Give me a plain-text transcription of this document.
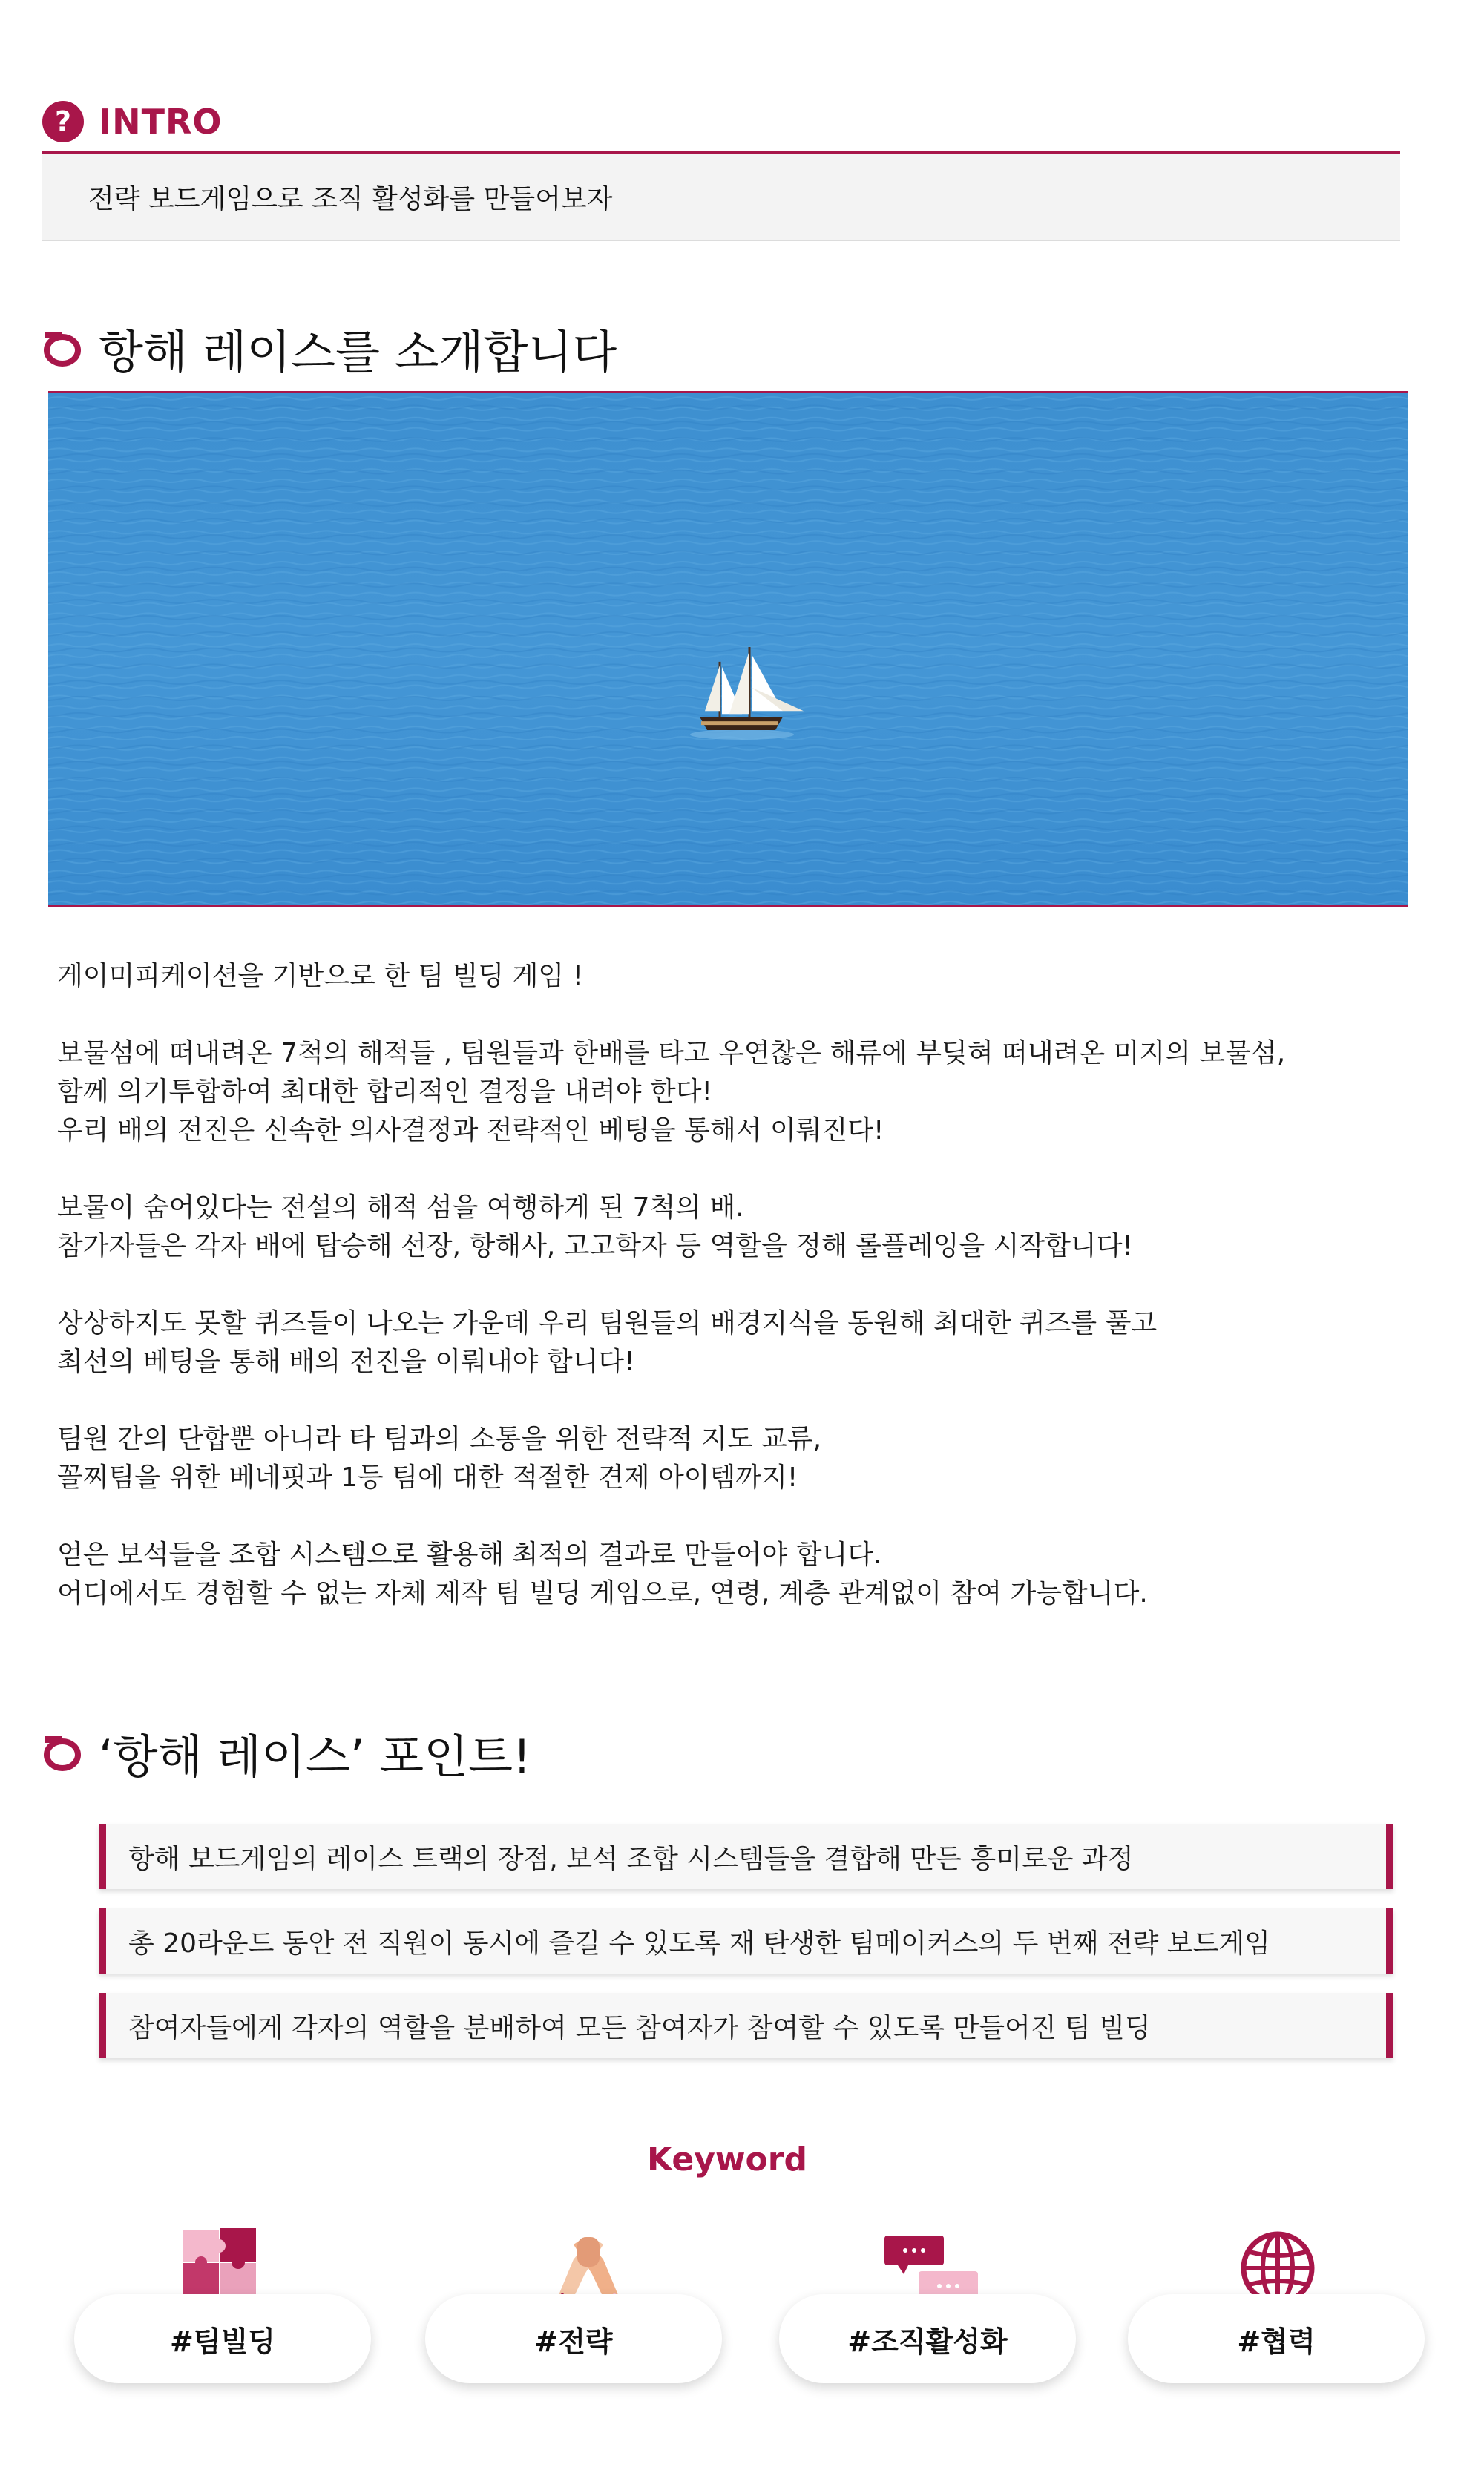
? INTRO
전략 보드게임으로 조직 활성화를 만들어보자
항해 레이스를 소개합니다

게이미피케이션을 기반으로 한 팀 빌딩 게임 !

보물섬에 떠내려온 7척의 해적들 , 팀원들과 한배를 타고 우연찮은 해류에 부딪혀 떠내려온 미지의 보물섬,

함께 의기투합하여 최대한 합리적인 결정을 내려야 한다!

우리 배의 전진은 신속한 의사결정과 전략적인 베팅을 통해서 이뤄진다!

보물이 숨어있다는 전설의 해적 섬을 여행하게 된 7척의 배.

참가자들은 각자 배에 탑승해 선장, 항해사, 고고학자 등 역할을 정해 롤플레잉을 시작합니다!

상상하지도 못할 퀴즈들이 나오는 가운데 우리 팀원들의 배경지식을 동원해 최대한 퀴즈를 풀고

최선의 베팅을 통해 배의 전진을 이뤄내야 합니다!

팀원 간의 단합뿐 아니라 타 팀과의 소통을 위한 전략적 지도 교류,

꼴찌팀을 위한 베네핏과 1등 팀에 대한 적절한 견제 아이템까지!

얻은 보석들을 조합 시스템으로 활용해 최적의 결과로 만들어야 합니다.

어디에서도 경험할 수 없는 자체 제작 팀 빌딩 게임으로, 연령, 계층 관계없이 참여 가능합니다.

‘항해 레이스’ 포인트!
항해 보드게임의 레이스 트랙의 장점, 보석 조합 시스템들을 결합해 만든 흥미로운 과정
총 20라운드 동안 전 직원이 동시에 즐길 수 있도록 재 탄생한 팀메이커스의 두 번째 전략 보드게임
참여자들에게 각자의 역할을 분배하여 모든 참여자가 참여할 수 있도록 만들어진 팀 빌딩
Keyword
#팀빌딩	#전략	#조직활성화	#협력
